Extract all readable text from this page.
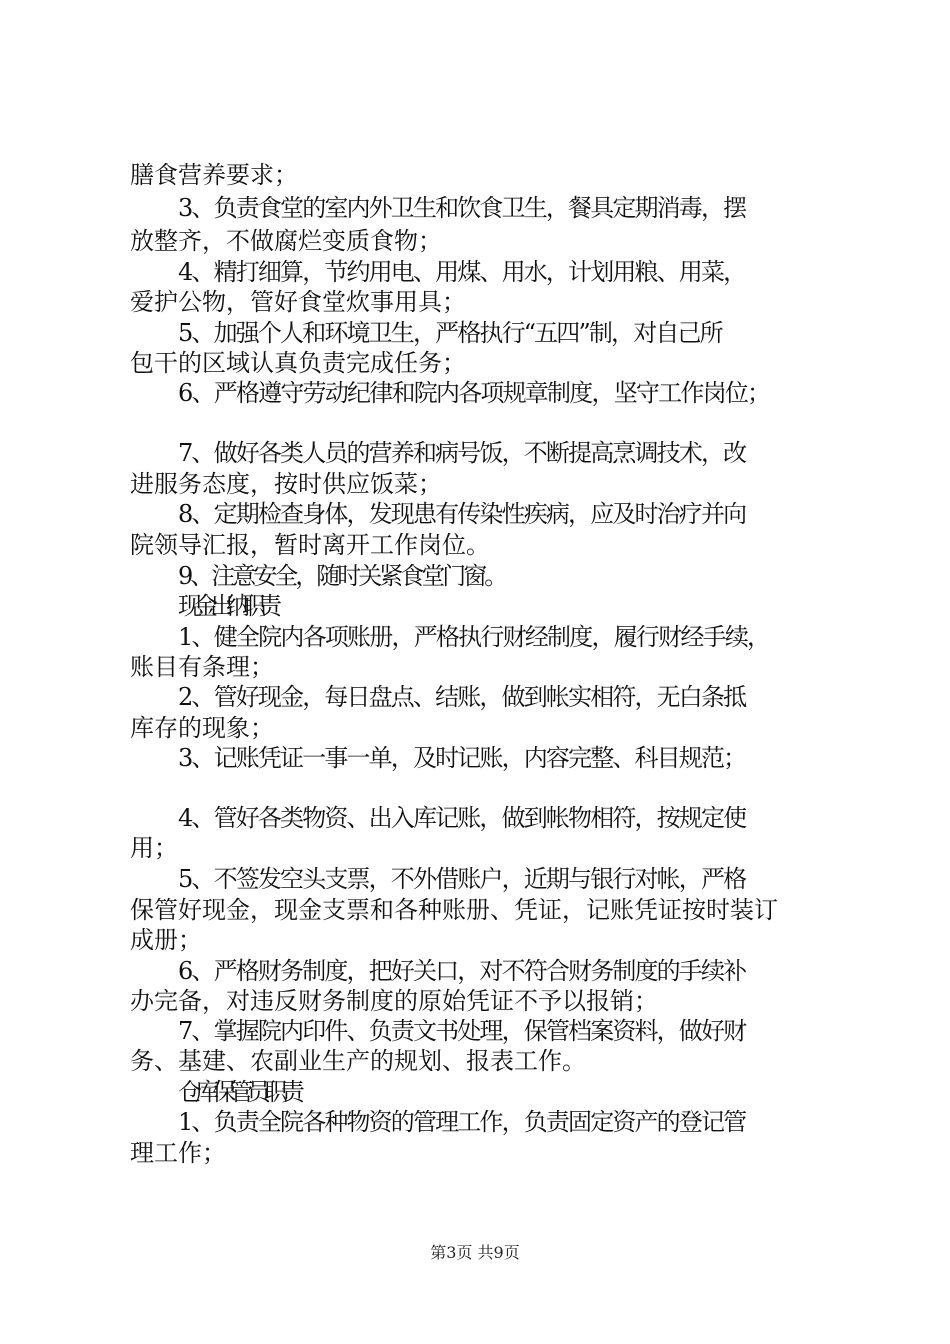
膳食营养要求；
3、负责食堂的室内外卫生和饮食卫生，餐具定期消毒，摆
放整齐，不做腐烂变质食物；
4、精打细算，节约用电、用煤、用水，计划用粮、用菜，
爱护公物，管好食堂炊事用具；
5、加强个人和环境卫生，严格执行“五四”制，对自己所
包干的区域认真负责完成任务；
6、严格遵守劳动纪律和院内各项规章制度，坚守工作岗位；
7、做好各类人员的营养和病号饭，不断提高烹调技术，改
进服务态度，按时供应饭菜；
8、定期检查身体，发现患有传染性疾病，应及时治疗并向
院领导汇报，暂时离开工作岗位。
9、注意安全，随时关紧食堂门窗。
现金出纳职责
1、健全院内各项账册，严格执行财经制度，履行财经手续，
账目有条理；
2、管好现金，每日盘点、结账，做到帐实相符，无白条抵
库存的现象；
3、记账凭证一事一单，及时记账，内容完整、科目规范；
4、管好各类物资、出入库记账，做到帐物相符，按规定使
用；
5、不签发空头支票，不外借账户，近期与银行对帐，严格
保管好现金，现金支票和各种账册、凭证，记账凭证按时装订
成册；
6、严格财务制度，把好关口，对不符合财务制度的手续补
办完备，对违反财务制度的原始凭证不予以报销；
7、掌握院内印件、负责文书处理，保管档案资料，做好财
务、基建、农副业生产的规划、报表工作。
仓库保管员职责
1、负责全院各种物资的管理工作，负责固定资产的登记管
理工作；
第3页 共9页
